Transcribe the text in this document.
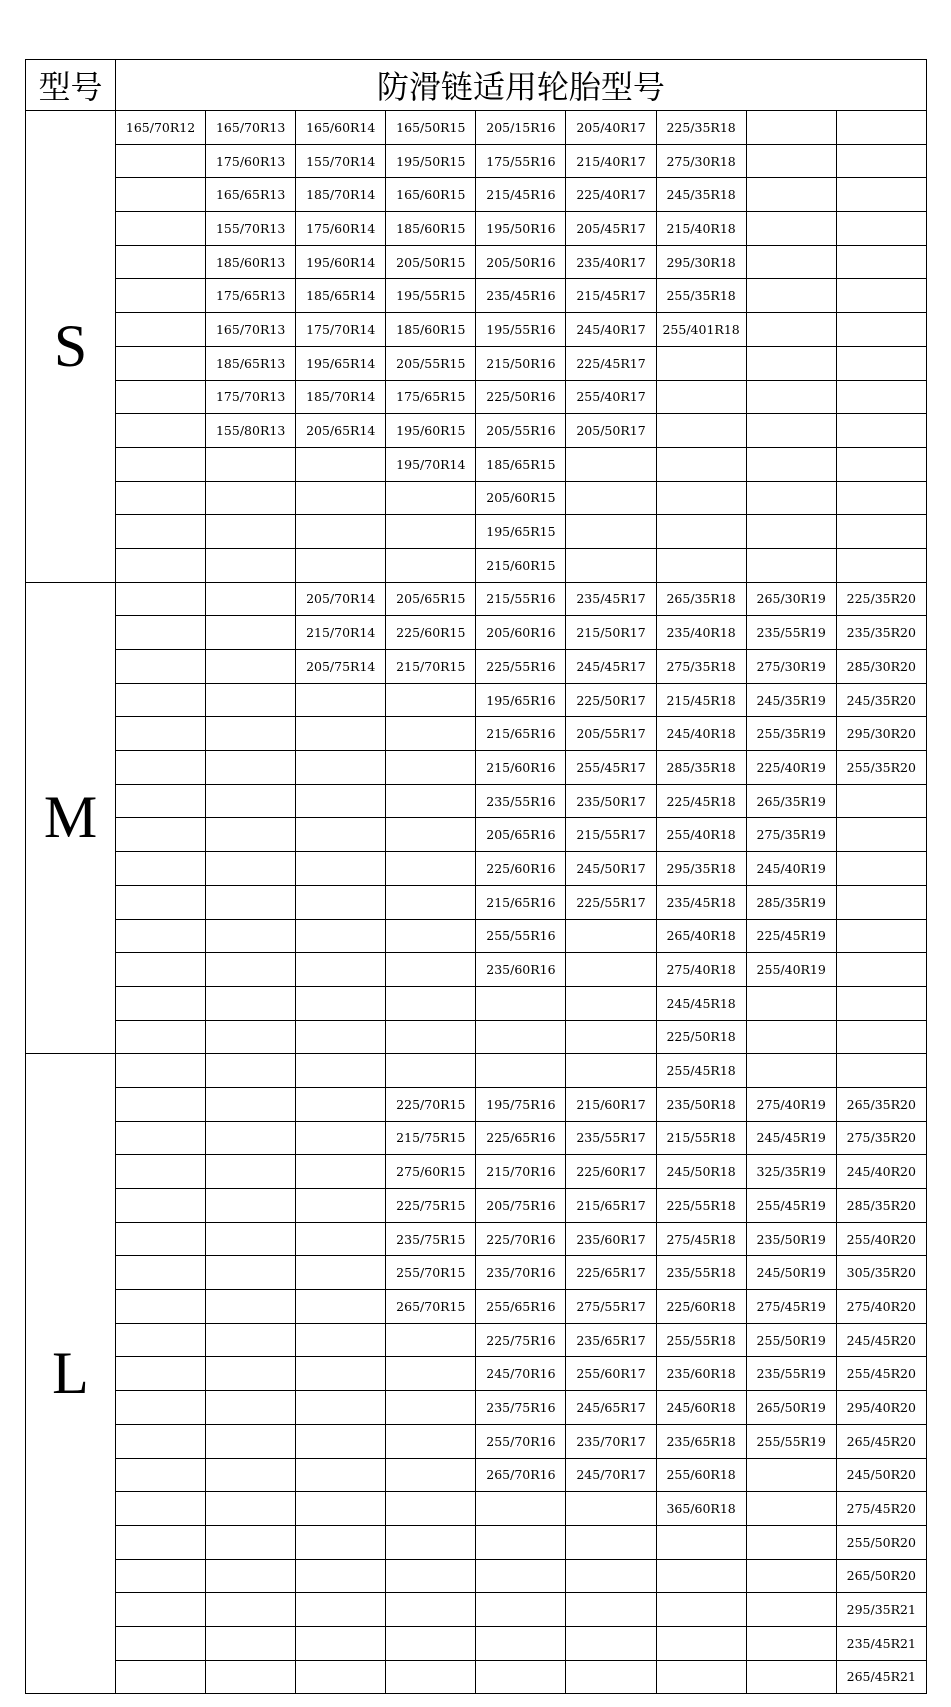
型号	防滑链适用轮胎型号								
S	165/70R12	165/70R13	165/60R14	165/50R15	205/15R16	205/40R17	225/35R18		
		175/60R13	155/70R14	195/50R15	175/55R16	215/40R17	275/30R18		
		165/65R13	185/70R14	165/60R15	215/45R16	225/40R17	245/35R18		
		155/70R13	175/60R14	185/60R15	195/50R16	205/45R17	215/40R18		
		185/60R13	195/60R14	205/50R15	205/50R16	235/40R17	295/30R18		
		175/65R13	185/65R14	195/55R15	235/45R16	215/45R17	255/35R18		
		165/70R13	175/70R14	185/60R15	195/55R16	245/40R17	255/401R18		
		185/65R13	195/65R14	205/55R15	215/50R16	225/45R17			
		175/70R13	185/70R14	175/65R15	225/50R16	255/40R17			
		155/80R13	205/65R14	195/60R15	205/55R16	205/50R17			
				195/70R14	185/65R15				
					205/60R15				
					195/65R15				
					215/60R15				
M			205/70R14	205/65R15	215/55R16	235/45R17	265/35R18	265/30R19	225/35R20
			215/70R14	225/60R15	205/60R16	215/50R17	235/40R18	235/55R19	235/35R20
			205/75R14	215/70R15	225/55R16	245/45R17	275/35R18	275/30R19	285/30R20
					195/65R16	225/50R17	215/45R18	245/35R19	245/35R20
					215/65R16	205/55R17	245/40R18	255/35R19	295/30R20
					215/60R16	255/45R17	285/35R18	225/40R19	255/35R20
					235/55R16	235/50R17	225/45R18	265/35R19	
					205/65R16	215/55R17	255/40R18	275/35R19	
					225/60R16	245/50R17	295/35R18	245/40R19	
					215/65R16	225/55R17	235/45R18	285/35R19	
					255/55R16		265/40R18	225/45R19	
					235/60R16		275/40R18	255/40R19	
							245/45R18		
							225/50R18		
L							255/45R18		
				225/70R15	195/75R16	215/60R17	235/50R18	275/40R19	265/35R20
				215/75R15	225/65R16	235/55R17	215/55R18	245/45R19	275/35R20
				275/60R15	215/70R16	225/60R17	245/50R18	325/35R19	245/40R20
				225/75R15	205/75R16	215/65R17	225/55R18	255/45R19	285/35R20
				235/75R15	225/70R16	235/60R17	275/45R18	235/50R19	255/40R20
				255/70R15	235/70R16	225/65R17	235/55R18	245/50R19	305/35R20
				265/70R15	255/65R16	275/55R17	225/60R18	275/45R19	275/40R20
					225/75R16	235/65R17	255/55R18	255/50R19	245/45R20
					245/70R16	255/60R17	235/60R18	235/55R19	255/45R20
					235/75R16	245/65R17	245/60R18	265/50R19	295/40R20
					255/70R16	235/70R17	235/65R18	255/55R19	265/45R20
					265/70R16	245/70R17	255/60R18		245/50R20
							365/60R18		275/45R20
									255/50R20
									265/50R20
									295/35R21
									235/45R21
									265/45R21
